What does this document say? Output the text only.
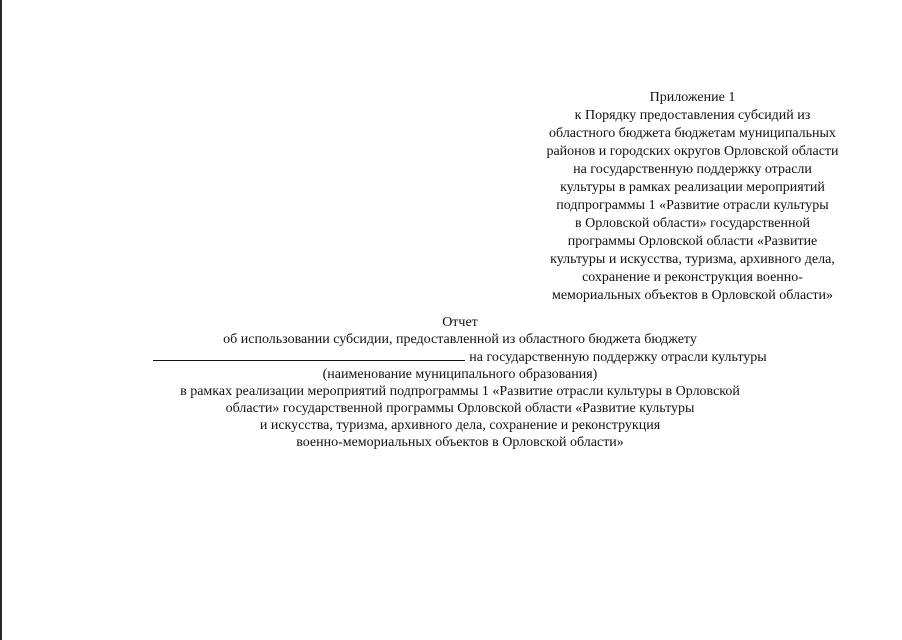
Приложение 1
к Порядку предоставления субсидий из
областного бюджета бюджетам муниципальных
районов и городских округов Орловской области
на государственную поддержку отрасли
культуры в рамках реализации мероприятий
подпрограммы 1 «Развитие отрасли культуры
в Орловской области» государственной
программы Орловской области «Развитие
культуры и искусства, туризма, архивного дела,
сохранение и реконструкция военно-
мемориальных объектов в Орловской области»
Отчет
об использовании субсидии, предоставленной из областного бюджета бюджету
на государственную поддержку отрасли культуры
(наименование муниципального образования)
в рамках реализации мероприятий подпрограммы 1 «Развитие отрасли культуры в Орловской
области» государственной программы Орловской области «Развитие культуры
и искусства, туризма, архивного дела, сохранение и реконструкция
военно-мемориальных объектов в Орловской области»
